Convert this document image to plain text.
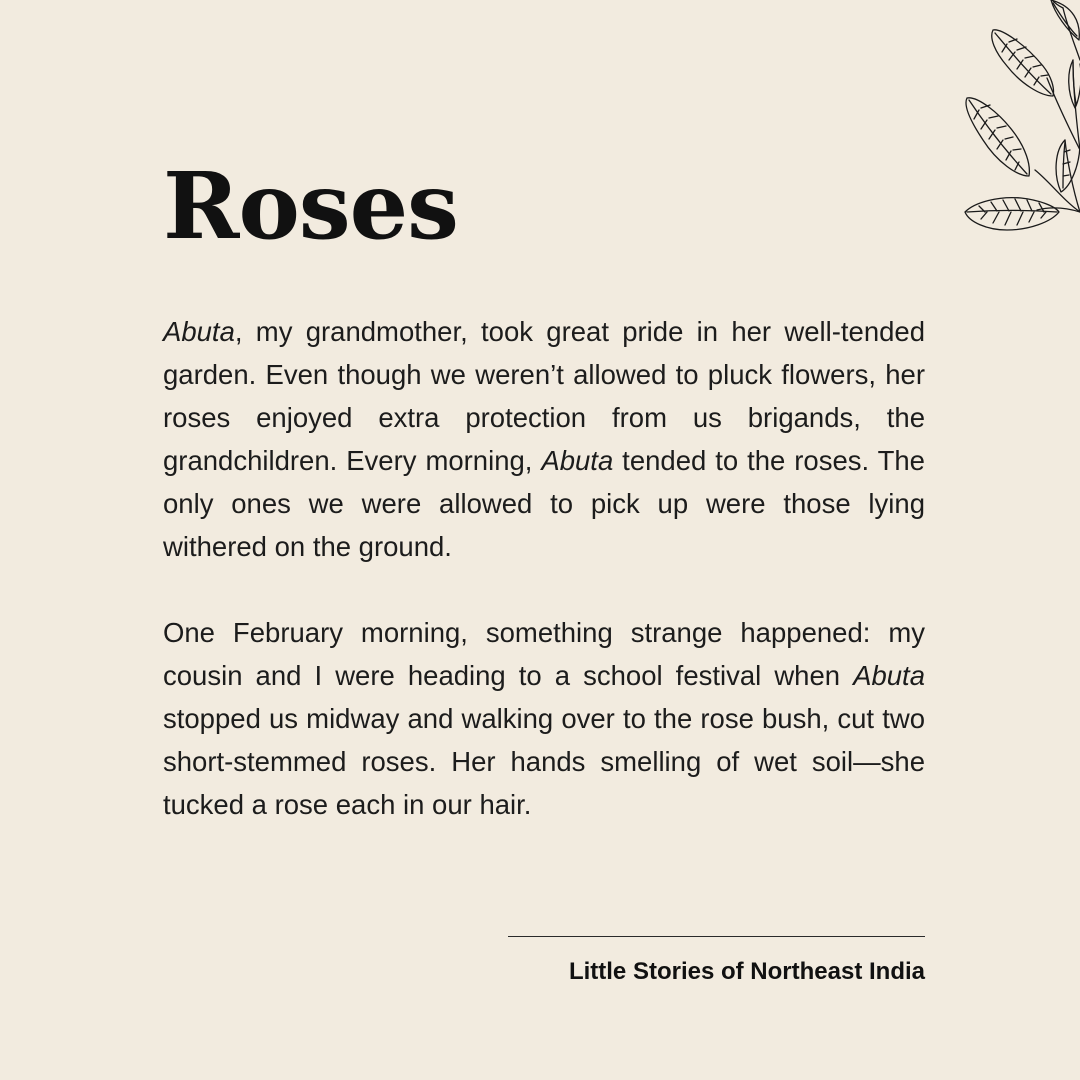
Roses

Abuta, my grandmother, took great pride in her well-tended garden. Even though we weren’t allowed to pluck flowers, her roses enjoyed extra protection from us brigands, the grandchildren. Every morning, Abuta tended to the roses. The only ones we were allowed to pick up were those lying withered on the ground.

One February morning, something strange happened: my cousin and I were heading to a school festival when Abuta stopped us midway and walking over to the rose bush, cut two short-stemmed roses. Her hands smelling of wet soil—she tucked a rose each in our hair.

Little Stories of Northeast India
